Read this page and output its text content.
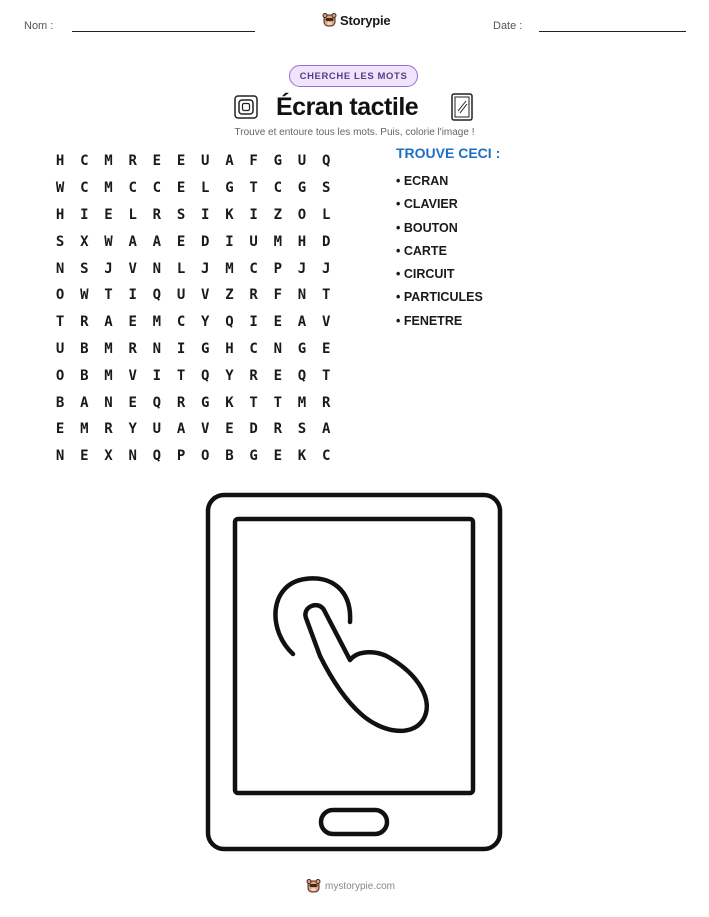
Nom :	Storypie	Date :
CHERCHE LES MOTS
Écran tactile
Trouve et entoure tous les mots. Puis, colorie l'image !
H	C	M	R	E	E	U	A	F	G	U	Q
W	C	M	C	C	E	L	G	T	C	G	S
H	I	E	L	R	S	I	K	I	Z	O	L
S	X	W	A	A	E	D	I	U	M	H	D
N	S	J	V	N	L	J	M	C	P	J	J
O	W	T	I	Q	U	V	Z	R	F	N	T
T	R	A	E	M	C	Y	Q	I	E	A	V
U	B	M	R	N	I	G	H	C	N	G	E
O	B	M	V	I	T	Q	Y	R	E	Q	T
B	A	N	E	Q	R	G	K	T	T	M	R
E	M	R	Y	U	A	V	E	D	R	S	A
N	E	X	N	Q	P	O	B	G	E	K	C
TROUVE CECI :
• ECRAN
• CLAVIER
• BOUTON
• CARTE
• CIRCUIT
• PARTICULES
• FENETRE
mystorypie.com
